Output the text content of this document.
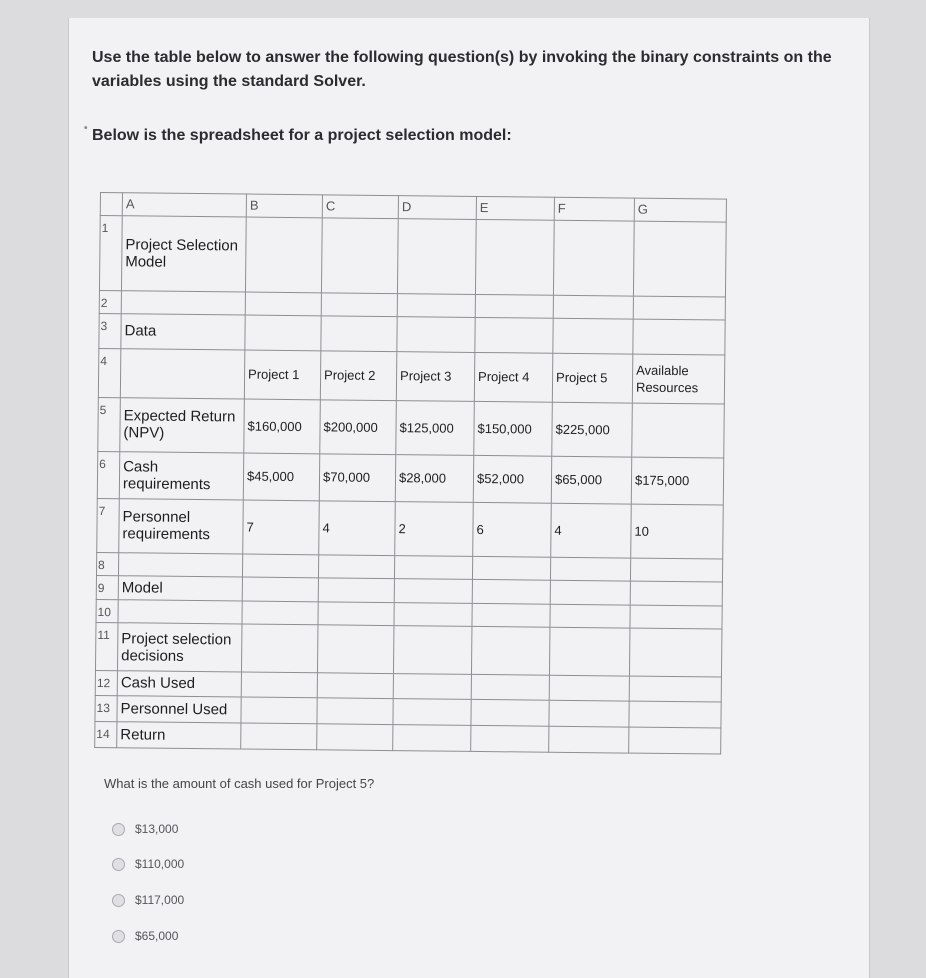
Use the table below to answer the following question(s) by invoking the binary constraints on the variables using the standard Solver.
• Below is the spreadsheet for a project selection model:
	A	B	C	D	E	F	G
1	Project Selection Model						
2							
3	Data						
4		Project 1	Project 2	Project 3	Project 4	Project 5	Available Resources
5	Expected Return (NPV)	$160,000	$200,000	$125,000	$150,000	$225,000	
6	Cash requirements	$45,000	$70,000	$28,000	$52,000	$65,000	$175,000
7	Personnel requirements	7	4	2	6	4	10
8							
9	Model						
10							
11	Project selection decisions						
12	Cash Used						
13	Personnel Used						
14	Return						
What is the amount of cash used for Project 5?
$13,000
$110,000
$117,000
$65,000
